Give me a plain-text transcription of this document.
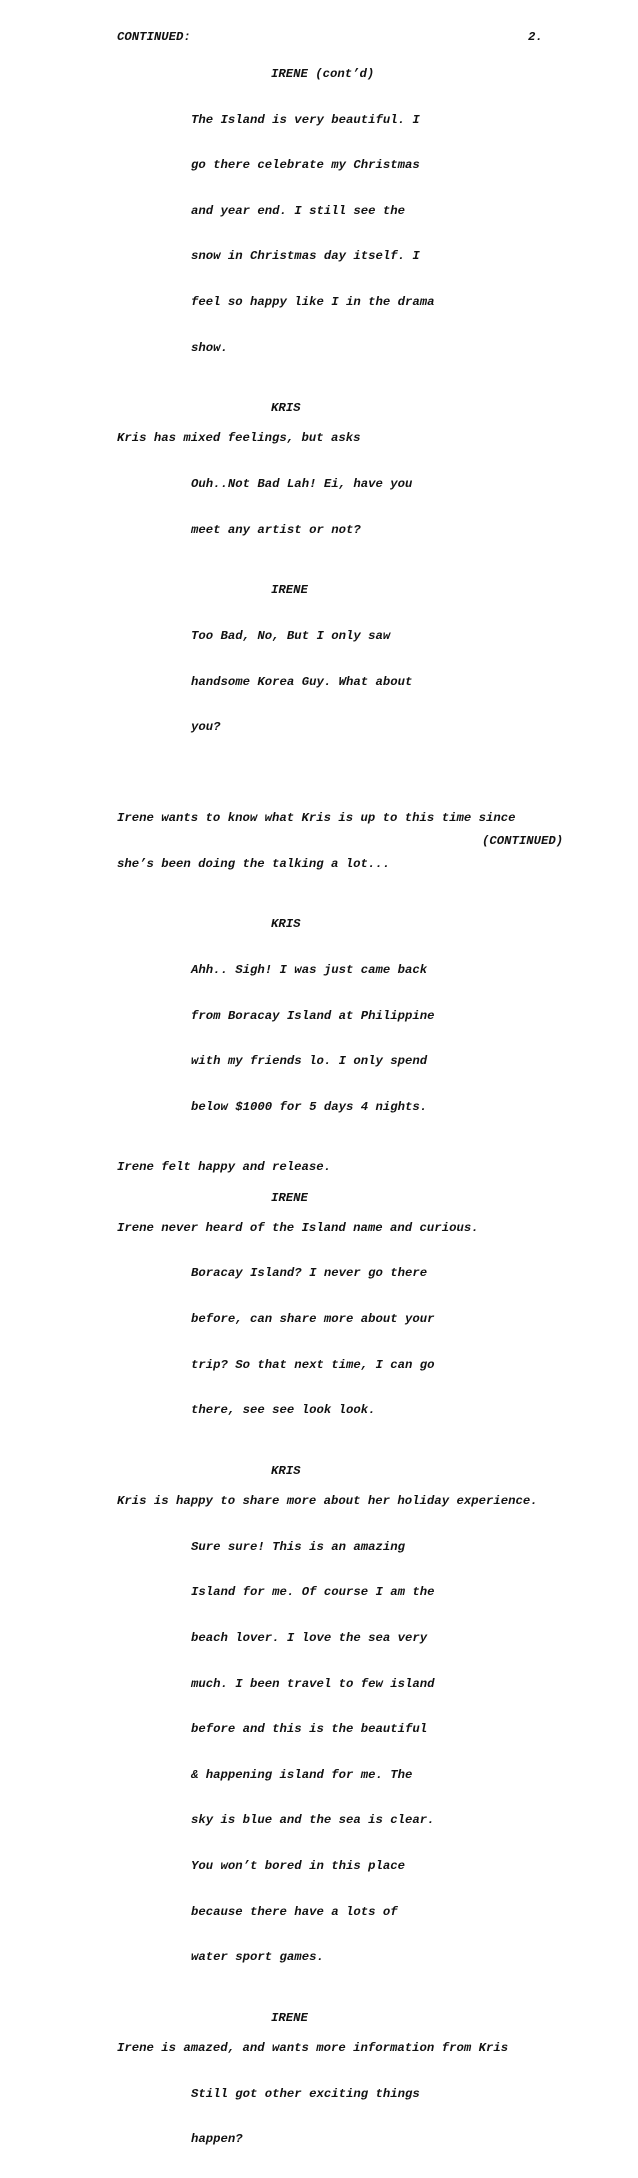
CONTINUED:	2.
IRENE (cont’d)

The Island is very beautiful. I

go there celebrate my Christmas

and year end. I still see the

snow in Christmas day itself. I

feel so happy like I in the drama

show.

KRIS
Kris has mixed feelings, but asks

Ouh..Not Bad Lah! Ei, have you

meet any artist or not?

IRENE

Too Bad, No, But I only saw

handsome Korea Guy. What about

you?

Irene wants to know what Kris is up to this time since

she’s been doing the talking a lot...

KRIS

Ahh.. Sigh! I was just came back

from Boracay Island at Philippine

with my friends lo. I only spend

below $1000 for 5 days 4 nights.

Irene felt happy and release.
IRENE
Irene never heard of the Island name and curious.

Boracay Island? I never go there

before, can share more about your

trip? So that next time, I can go

there, see see look look.

KRIS
Kris is happy to share more about her holiday experience.

Sure sure! This is an amazing

Island for me. Of course I am the

beach lover. I love the sea very

much. I been travel to few island

before and this is the beautiful

& happening island for me. The

sky is blue and the sea is clear.

You won’t bored in this place

because there have a lots of

water sport games.

IRENE
Irene is amazed, and wants more information from Kris

Still got other exciting things

happen?

(CONTINUED)
